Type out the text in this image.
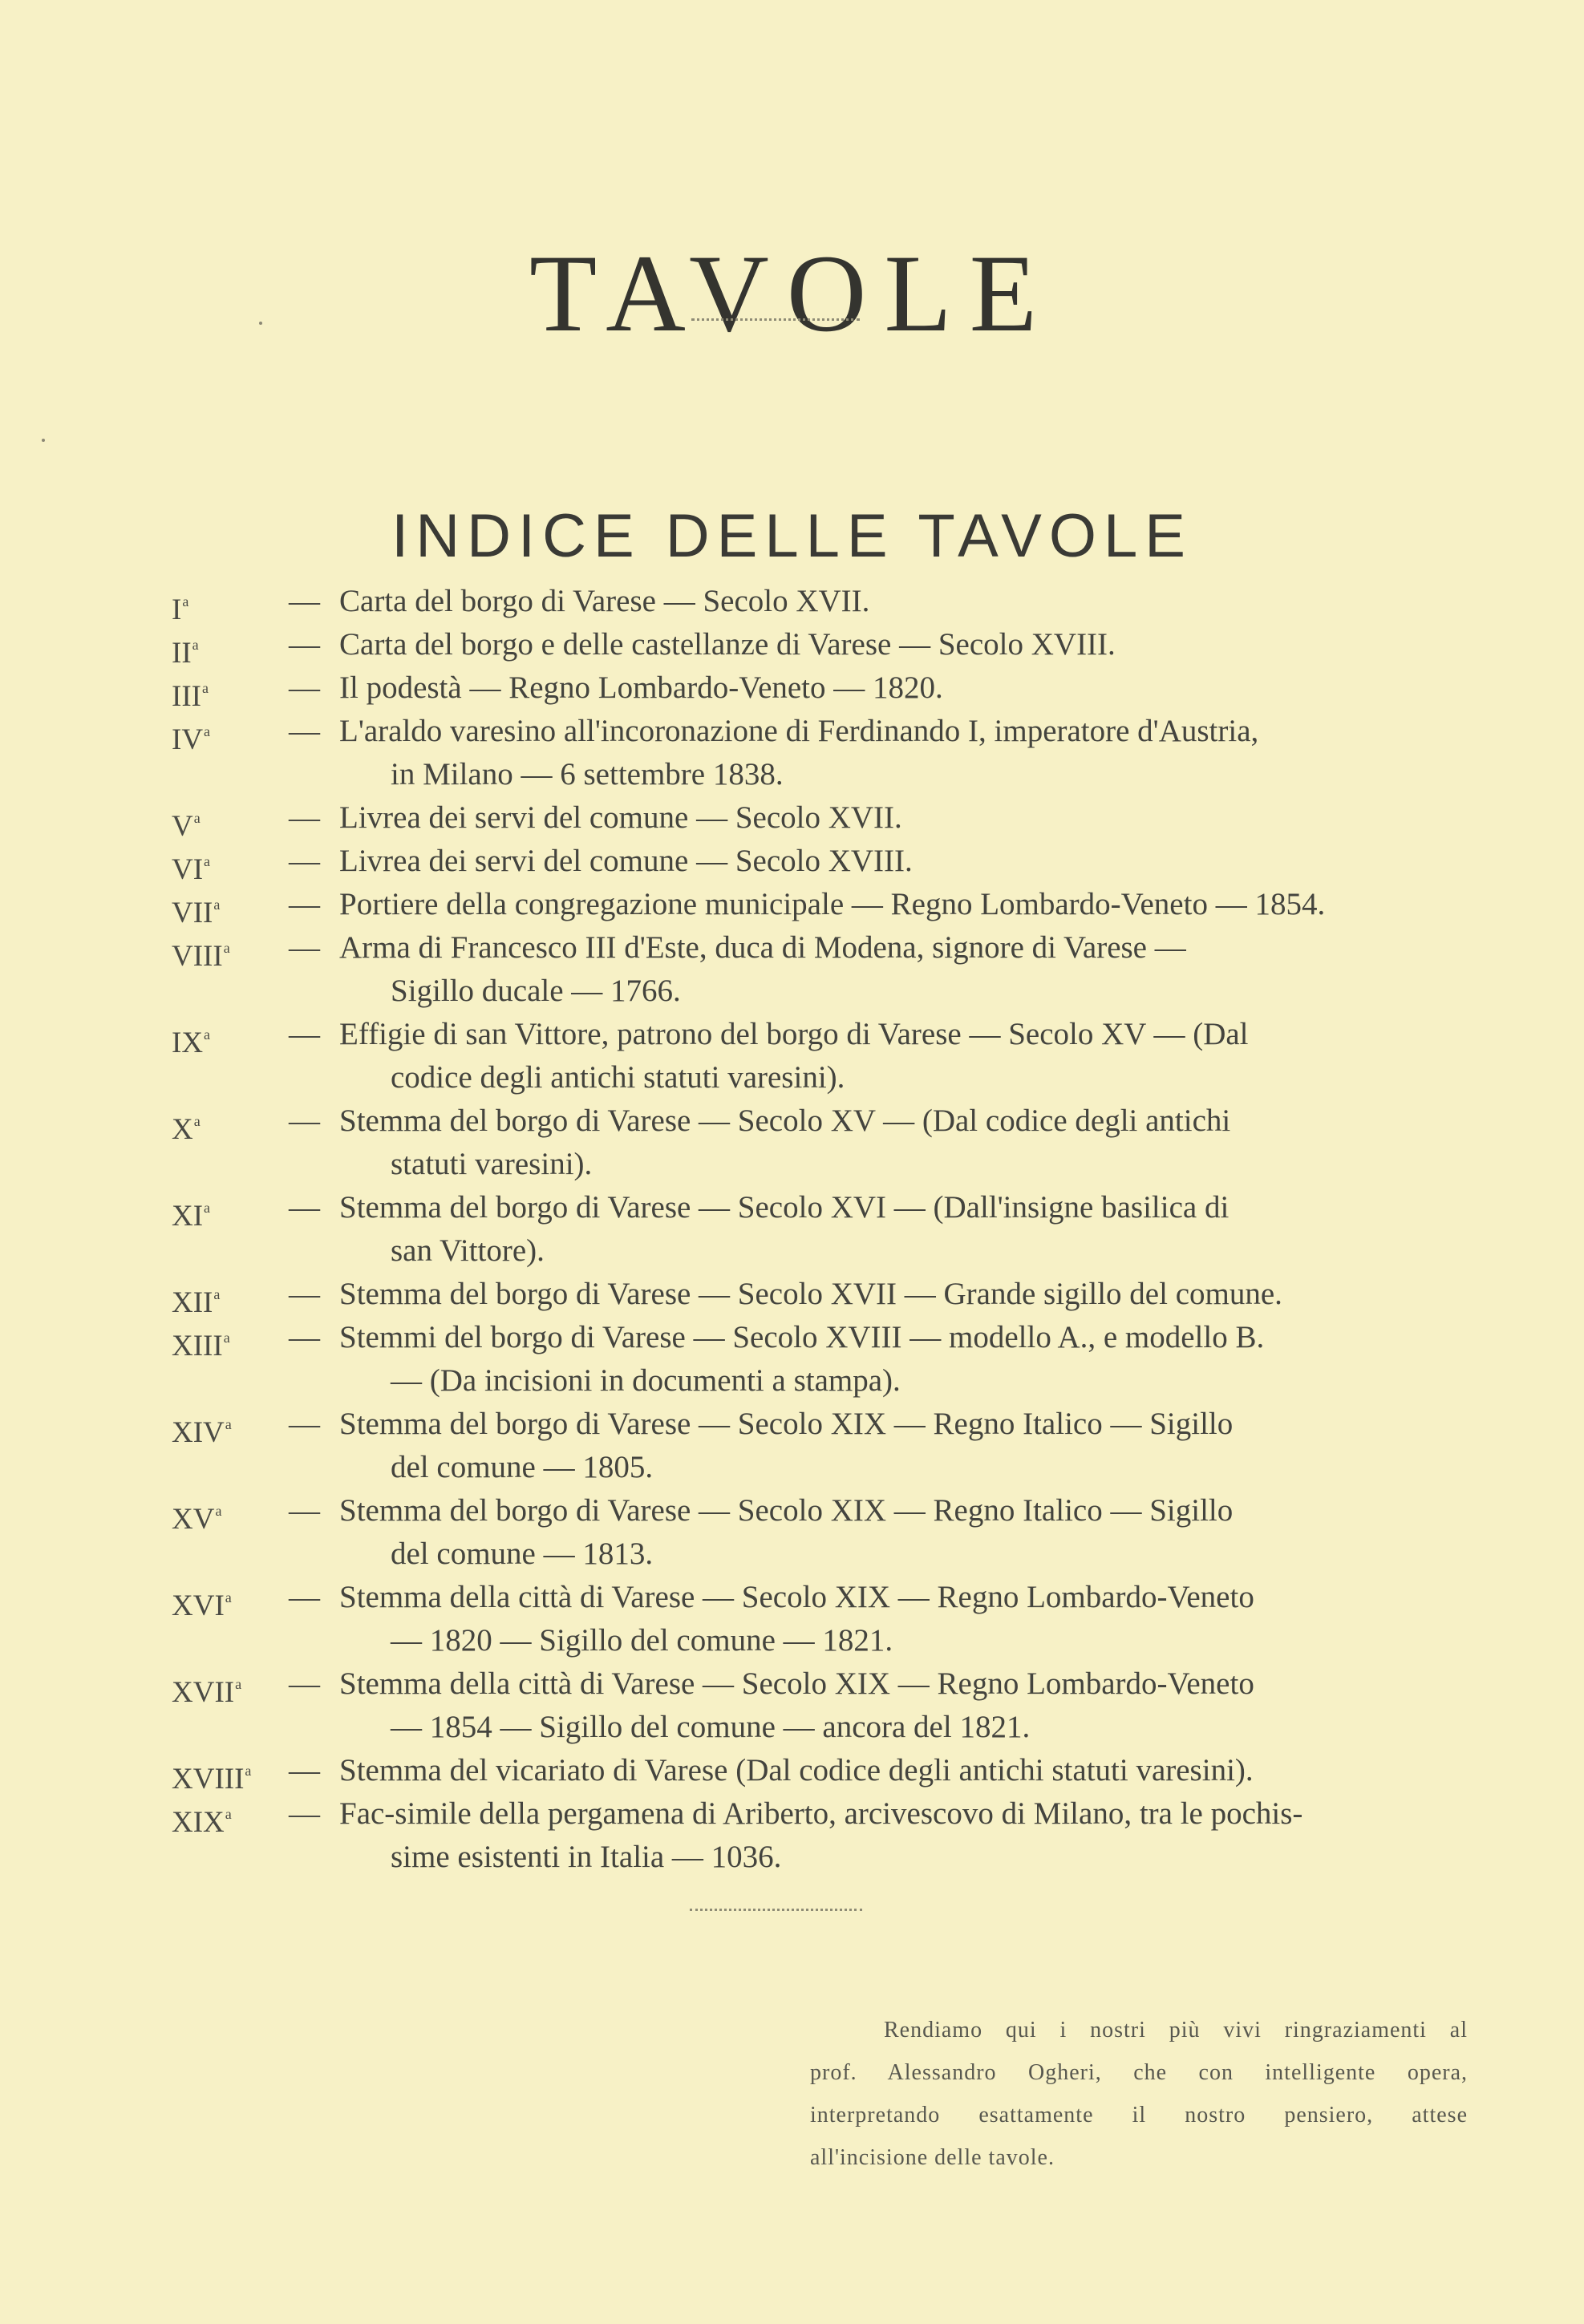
TAVOLE
INDICE DELLE TAVOLE
$I^a$	— Carta del borgo di Varese — Secolo XVII.
$II^a$	— Carta del borgo e delle castellanze di Varese — Secolo XVIII.
III$^a$	— Il podestà — Regno Lombardo-Veneto — 1820.
$IV^a$	— L'araldo varesino all'incoronazione di Ferdinando I, imperatore d'Austria,
in Milano — 6 settembre 1838.
$V^a$	— Livrea dei servi del comune — Secolo XVII.
$VI^a$	— Livrea dei servi del comune — Secolo XVIII.
VII$^a$ — Portiere della congregazione municipale — Regno Lombardo-Veneto — 1854.
VIII$^a$ — Arma di Francesco III d'Este, duca di Modena, signore di Varese —
Sigillo ducale — 1766.
$IX^a$	— Effigie di san Vittore, patrono del borgo di Varese — Secolo XV — (Dal
codice degli antichi statuti varesini).
$X^a$	— Stemma del borgo di Varese — Secolo XV — (Dal codice degli antichi
statuti varesini).
$XI^a$	— Stemma del borgo di Varese — Secolo XVI — (Dall'insigne basilica di
san Vittore).
XII$^a$ — Stemma del borgo di Varese — Secolo XVII — Grande sigillo del comune.
XIII$^a$ — Stemmi del borgo di Varese — Secolo XVIII — modello A., e modello B.
— (Da incisioni in documenti a stampa).
XIV$^a$ — Stemma del borgo di Varese — Secolo XIX — Regno Italico — Sigillo
del comune — 1805.
$XV^a$ — Stemma del borgo di Varese — Secolo XIX — Regno Italico — Sigillo
del comune — 1813.
XVI$^a$ — Stemma della città di Varese — Secolo XIX — Regno Lombardo-Veneto
— 1820 — Sigillo del comune — 1821.
XVII$^a$ — Stemma della città di Varese — Secolo XIX — Regno Lombardo-Veneto
— 1854 — Sigillo del comune — ancora del 1821.
XVIII$^a$ — Stemma del vicariato di Varese (Dal codice degli antichi statuti varesini).
XIX$^a$ — Fac-simile della pergamena di Ariberto, arcivescovo di Milano, tra le pochis-
sime esistenti in Italia — 1036.
Rendiamo qui i nostri più vivi ringraziamenti al
prof. Alessandro Ogheri, che con intelligente opera,
interpretando esattamente il nostro pensiero, attese
all'incisione delle tavole.
